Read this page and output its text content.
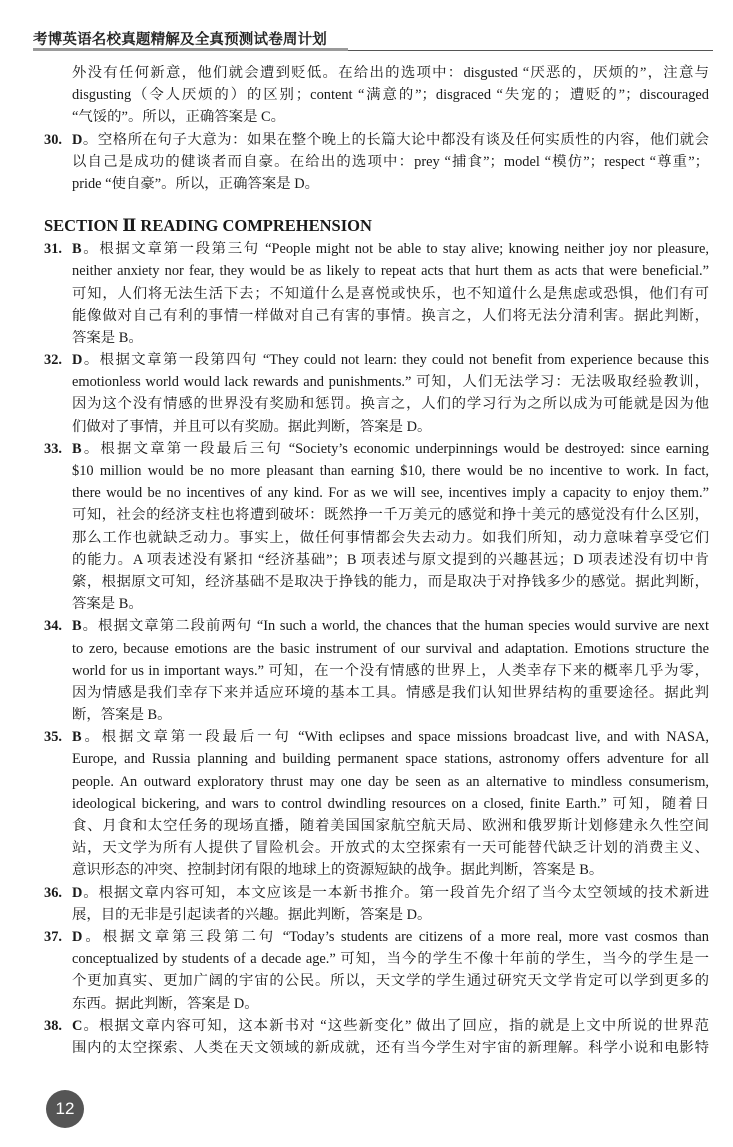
考博英语名校真题精解及全真预测试卷周计划
外没有任何新意，他们就会遭到贬低。在给出的选项中：disgusted “厌恶的，厌烦的”，注意与
disgusting（令人厌烦的）的区别；content “满意的”；disgraced “失宠的；遭贬的”；discouraged
“气馁的”。所以，正确答案是 C。
30. D。空格所在句子大意为：如果在整个晚上的长篇大论中都没有谈及任何实质性的内容，他们就会
以自己是成功的健谈者而自豪。在给出的选项中：prey “捕食”；model “模仿”；respect “尊重”；
pride “使自豪”。所以，正确答案是 D。
SECTION Ⅱ READING COMPREHENSION
31. B。根据文章第一段第三句 “People might not be able to stay alive; knowing neither joy nor pleasure,
neither anxiety nor fear, they would be as likely to repeat acts that hurt them as acts that were beneficial.”
可知，人们将无法生活下去；不知道什么是喜悦或快乐，也不知道什么是焦虑或恐惧，他们有可
能像做对自己有利的事情一样做对自己有害的事情。换言之，人们将无法分清利害。据此判断，
答案是 B。
32. D。根据文章第一段第四句 “They could not learn: they could not benefit from experience because this
emotionless world would lack rewards and punishments.” 可知，人们无法学习：无法吸取经验教训，
因为这个没有情感的世界没有奖励和惩罚。换言之，人们的学习行为之所以成为可能就是因为他
们做对了事情，并且可以有奖励。据此判断，答案是 D。
33. B。根据文章第一段最后三句 “Society’s economic underpinnings would be destroyed: since earning
$10 million would be no more pleasant than earning $10, there would be no incentive to work. In fact,
there would be no incentives of any kind. For as we will see, incentives imply a capacity to enjoy them.”
可知，社会的经济支柱也将遭到破坏：既然挣一千万美元的感觉和挣十美元的感觉没有什么区别，
那么工作也就缺乏动力。事实上，做任何事情都会失去动力。如我们所知，动力意味着享受它们
的能力。A 项表述没有紧扣 “经济基础”；B 项表述与原文提到的兴趣甚远；D 项表述没有切中肯
綮，根据原文可知，经济基础不是取决于挣钱的能力，而是取决于对挣钱多少的感觉。据此判断，
答案是 B。
34. B。根据文章第二段前两句 “In such a world, the chances that the human species would survive are next
to zero, because emotions are the basic instrument of our survival and adaptation. Emotions structure the
world for us in important ways.” 可知，在一个没有情感的世界上，人类幸存下来的概率几乎为零，
因为情感是我们幸存下来并适应环境的基本工具。情感是我们认知世界结构的重要途径。据此判
断，答案是 B。
35. B。根据文章第一段最后一句 “With eclipses and space missions broadcast live, and with NASA,
Europe, and Russia planning and building permanent space stations, astronomy offers adventure for all
people. An outward exploratory thrust may one day be seen as an alternative to mindless consumerism,
ideological bickering, and wars to control dwindling resources on a closed, finite Earth.” 可知，随着日
食、月食和太空任务的现场直播，随着美国国家航空航天局、欧洲和俄罗斯计划修建永久性空间
站，天文学为所有人提供了冒险机会。开放式的太空探索有一天可能替代缺乏计划的消费主义、
意识形态的冲突、控制封闭有限的地球上的资源短缺的战争。据此判断，答案是 B。
36. D。根据文章内容可知，本文应该是一本新书推介。第一段首先介绍了当今太空领域的技术新进
展，目的无非是引起读者的兴趣。据此判断，答案是 D。
37. D。根据文章第三段第二句 “Today’s students are citizens of a more real, more vast cosmos than
conceptualized by students of a decade age.” 可知，当今的学生不像十年前的学生，当今的学生是一
个更加真实、更加广阔的宇宙的公民。所以，天文学的学生通过研究天文学肯定可以学到更多的
东西。据此判断，答案是 D。
38. C。根据文章内容可知，这本新书对 “这些新变化” 做出了回应，指的就是上文中所说的世界范
围内的太空探索、人类在天文领域的新成就，还有当今学生对宇宙的新理解。科学小说和电影特
12
